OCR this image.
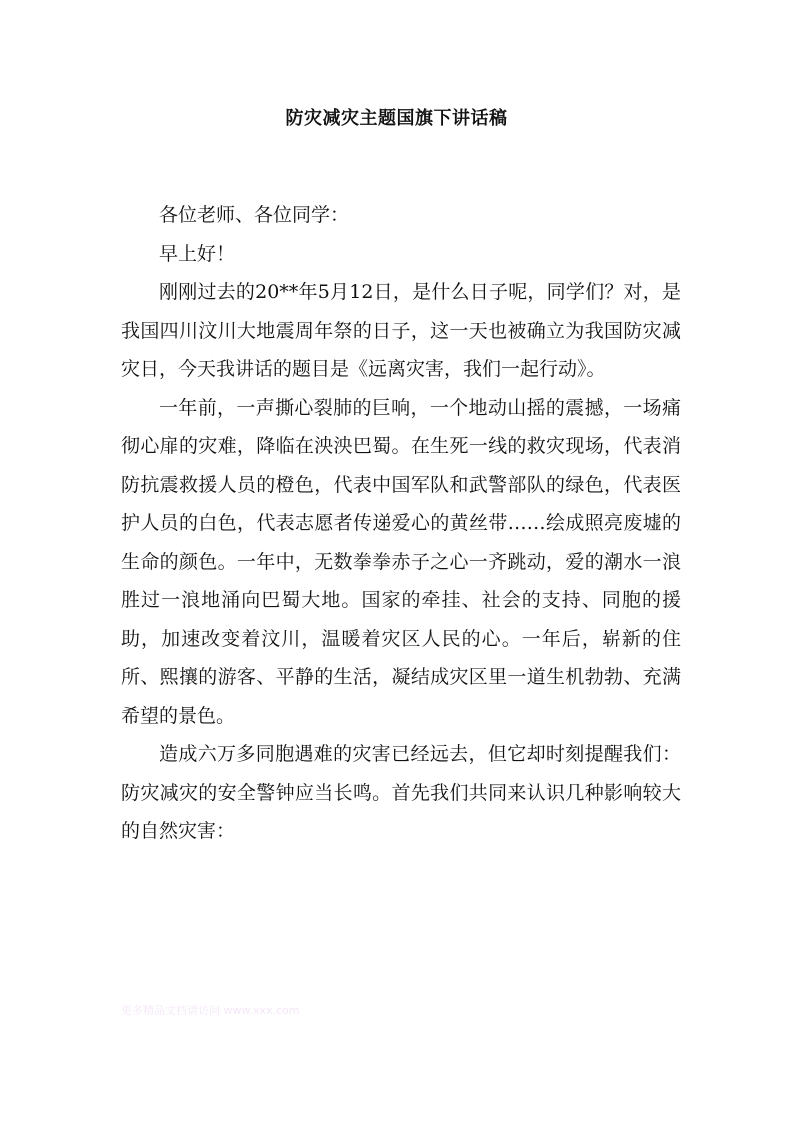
防灾减灾主题国旗下讲话稿

各位老师、各位同学：

早上好！

刚刚过去的20**年5月12日，是什么日子呢，同学们？对，是我国四川汶川大地震周年祭的日子，这一天也被确立为我国防灾减灾日，今天我讲话的题目是《远离灾害，我们一起行动》。

一年前，一声撕心裂肺的巨响，一个地动山摇的震撼，一场痛彻心扉的灾难，降临在泱泱巴蜀。在生死一线的救灾现场，代表消防抗震救援人员的橙色，代表中国军队和武警部队的绿色，代表医护人员的白色，代表志愿者传递爱心的黄丝带……绘成照亮废墟的生命的颜色。一年中，无数拳拳赤子之心一齐跳动，爱的潮水一浪胜过一浪地涌向巴蜀大地。国家的牵挂、社会的支持、同胞的援助，加速改变着汶川，温暖着灾区人民的心。一年后，崭新的住所、熙攘的游客、平静的生活，凝结成灾区里一道生机勃勃、充满希望的景色。

造成六万多同胞遇难的灾害已经远去，但它却时刻提醒我们：防灾减灾的安全警钟应当长鸣。首先我们共同来认识几种影响较大的自然灾害：

更多精品文档请访问 www.xxx.com
